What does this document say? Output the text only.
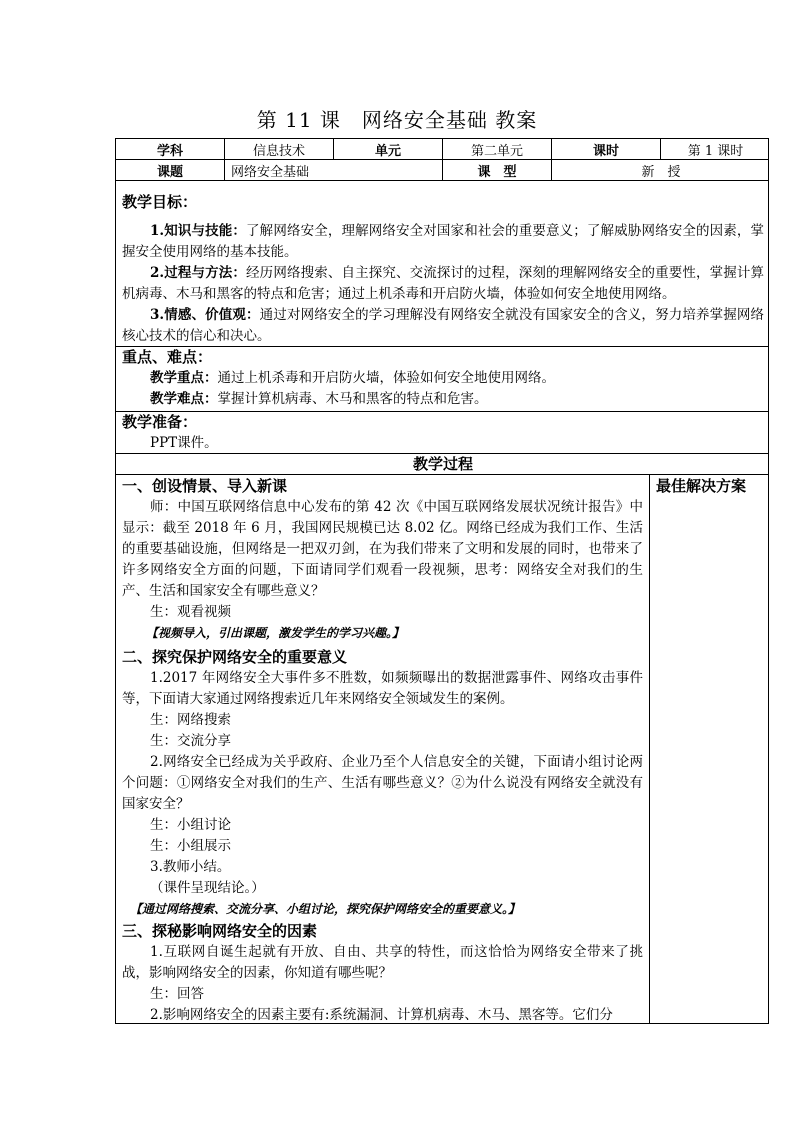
第 11 课　网络安全基础 教案
学科	信息技术	单元	第二单元	课时	第 1 课时
课题	网络安全基础	课　型	新　授
教学目标：

1.知识与技能：了解网络安全，理解网络安全对国家和社会的重要意义；了解威胁网络安全的因素，掌握安全使用网络的基本技能。

2.过程与方法：经历网络搜索、自主探究、交流探讨的过程，深刻的理解网络安全的重要性，掌握计算机病毒、木马和黑客的特点和危害；通过上机杀毒和开启防火墙，体验如何安全地使用网络。

3.情感、价值观：通过对网络安全的学习理解没有网络安全就没有国家安全的含义，努力培养掌握网络核心技术的信心和决心。

重点、难点：

教学重点：通过上机杀毒和开启防火墙，体验如何安全地使用网络。

教学难点：掌握计算机病毒、木马和黑客的特点和危害。

教学准备：

PPT课件。

教学过程
一、创设情景、导入新课

师：中国互联网络信息中心发布的第 42 次《中国互联网络发展状况统计报告》中显示：截至 2018 年 6 月，我国网民规模已达 8.02 亿。网络已经成为我们工作、生活的重要基础设施，但网络是一把双刃剑，在为我们带来了文明和发展的同时，也带来了许多网络安全方面的问题，下面请同学们观看一段视频，思考：网络安全对我们的生产、生活和国家安全有哪些意义？

生：观看视频

【视频导入，引出课题，激发学生的学习兴趣。】

二、探究保护网络安全的重要意义

1.2017 年网络安全大事件多不胜数，如频频曝出的数据泄露事件、网络攻击事件等，下面请大家通过网络搜索近几年来网络安全领域发生的案例。

生：网络搜索

生：交流分享

2.网络安全已经成为关乎政府、企业乃至个人信息安全的关键，下面请小组讨论两个问题：①网络安全对我们的生产、生活有哪些意义？②为什么说没有网络安全就没有国家安全？

生：小组讨论

生：小组展示

3.教师小结。

（课件呈现结论。）

【通过网络搜索、交流分享、小组讨论，探究保护网络安全的重要意义。】

三、探秘影响网络安全的因素

1.互联网自诞生起就有开放、自由、共享的特性，而这恰恰为网络安全带来了挑战，影响网络安全的因素，你知道有哪些呢？

生：回答

2.影响网络安全的因素主要有:系统漏洞、计算机病毒、木马、黑客等。它们分

最佳解决方案
